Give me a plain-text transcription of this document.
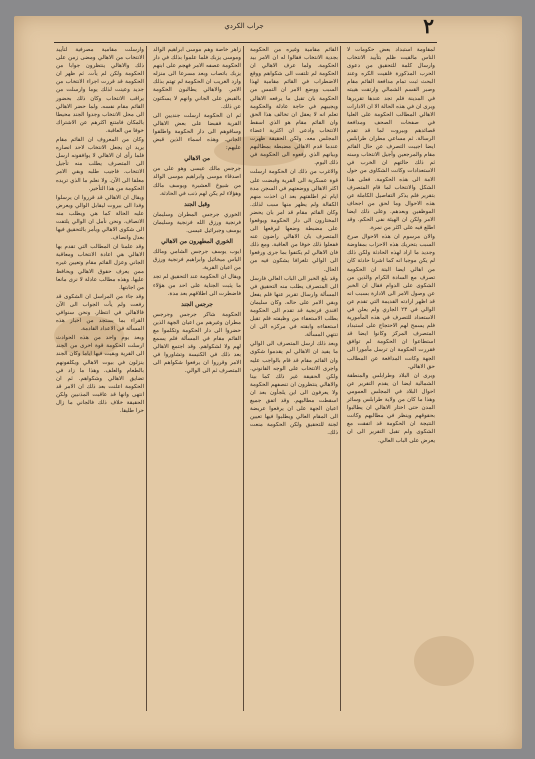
٢
جراب الكردي

لمقاومة استبداد بعض حكومات لا الناس مالقيت ظلم بتأييد الانتخاب وارسال كلمة للتحقيق من دعوى الحرب المذكورة فلقيت الكره وعند البحث ثبت تمام مدافعة القائم مقام وصبر القسم الشمالي وارتقت هيبته في المدينة فلم تجد عندها تقريرها ويرى ان في هذه الحالة الا ان الادارات الاهالي المطالب الحكومة على العليا في صفحات الصحف ومدافعة قصائدهم وبيروت لما قد تقدم الرسالة. ثم مساعي مطران طرابلس ايضا اجيبت التصرف عن حال القائم مقام والمرجعين وأجيل الانتخاب وسنه ثم ذلك حالتهم ان الخرب في الاستعدادات وكانت الشكاوى من حول الامة الى هذه الحكومة. فعلى هذا الشكل والانتخاب لما قام المتصرف بتقرير فلم يذكر التفاصيل الكاملة عن هذه الاحوال وما لحق من اجحاف الموظفين وبعدهم. وعلى ذلك ايضا الامر ولكن ان الهيئة نفى الحكم. وقد اطلع فيه على اكثر من نمرة.

والان مرسوم ان هذه الاحوال صرح السبب بتحريك هذه الاحزاب بمفاوضة وجديد ما اراد لهذه الحادثة ولكن ذلك لم يكن موجبا انه كما اشرنا حادثة كان من اهالي ايضا البتة ان الحكومة تصرف مع السادة الكرام والذين من الشكوى على الدوام فقال ان الخبر عن وصول الامر الى الادارة بسبب انه قد اظهر ارادته القديمة التي تقدم عن الوالي في ٢٣ الجاري ولم يعلن في الاستعداد للتصرف في هذه المأمورية فلم يسمح لهم الاحتجاج على استبداد المتصرف المركز وكانوا ايضا قد استطاعوا ان الحكومة لم توافق فقررت الحكومة ان ترسل مأمورا الى الجهة وكانت المدافعة عن المطالب حق الاهالي.

ويرى ان البلاد وطرابلس والمنطقة الشمالية ايضا ان يقدم التقرير عن احوال البلاد في المجلس العمومي وهذا ما كان من ولاية طرابلس وسائر المدن حتى اختار الاهالي ان يطالبوا بحقوقهم وينظر في مطالبهم وكانت النتيجة ان الحكومة قد اتفقت مع الشكوى ولم تقبل التقرير الى ان يعرض على الباب العالي.

القائم مقامية وغيره من الحكومة بجدية الانتخاب فقالوا له ان الامر بيد الحكومة. ولما عرف الاهالي ان الحكومة لم تلتفت الى شكواهم ووقع الاضطراب في القائم مقامية لهذا السبب ووضع الامر ان التمس من الحكومة بان تقبل ما يرفعه الاهالي ويجيبهم في حاجة عادلة والحكومة تعلم انه لا يعقل ان تخالف هذا الحق وان القائم مقام هو الذي اسقط الانتخاب وادعى ان اكثرية اعضاء المجلس معه. ولكن الحقيقة ظهرت عندما قدم الاهالي مضبطة بمطالبهم وبيانهم الذي رفعوه الى الحكومة في ذلك اليوم.

والاغرب من ذلك ان الحكومة ارسلت قوة عسكرية الى القرية وقبضت على اكثر الاهالي ووضعتهم في السجن مدة ايام ثم اطلقتهم بعد ان اخذت منهم الكفالة ولم يظهر منها سبب لذلك. وكان القائم مقام قد امر بان يحضر المختارون الى دار الحكومة ويوقعوا على مضبطة وضعها ليرفعها الى المتصرف بان الاهالي راضون عنه ففعلوا ذلك خوفا من العاقبة. ومع ذلك فان الاهالي لم يكتفوا بما جرى ورفعوا الى الوالي تلغرافا يشكون فيه من الحال.

وقد بلغ الخبر الى الباب العالي فارسل الى المتصرف يطلب منه التحقيق في المسألة وارسال تقرير عنها فلم يفعل وبقي الامر على حاله. وكان سليمان افندي فرنجية قد تقدم الى الحكومة بطلب الاستعفاء من وظيفته فلم تقبل استعفاءه وابقته في مركزه الى ان تنتهي المسألة.

وبعد ذلك ارسل المتصرف الى الوالي ما يفيد ان الاهالي لم يقدموا شكوى وان القائم مقام قد قام بالواجب عليه واجرى الانتخاب على الوجه القانوني. ولكن الحقيقة غير ذلك كما بينا والاهالي ينتظرون ان تنصفهم الحكومة ولا يعرفون الى اين يلجأون بعد ان اسقطت مطالبهم. وقد اتفق جميع اعيان الجهة على ان يرفعوا عريضة الى المقام العالي ويطلبوا فيها تعيين لجنة للتحقيق ولكن الحكومة منعت ذلك.

زاهر خاصة وهم موسى ابراهيم الوالد وموسى يزبك فلما علموا بذلك في دار الحكومة عصفه الامر فهجم على ابنهم يزبك باتصاب وبعد مسرعا الى منزله وارد الغريب ان الحكومة لم تهتم بذلك الامر. والاهالي يطالبون الحكومة بالقبض على الجاني وانهم لا يسكتون عن ذلك.

ثم ان الحكومة ارسلت جنديين الى القرية فقبضا على بعض الاهالي وساقوهم الى دار الحكومة واطلقوا الجاني. وهذه اسماء الذين قبض عليهم:

من الاهالي

جرجس مالك عيسى وهو على من اصدقاء موسى وابراهيم موسى الوالد من شيوخ العشيرة ويوسف مالك وهؤلاء لم يكن لهم ذنب في الحادثة.

وقبل الجند

الخوري جرجس المطران وسليمان فرنجية ورزق الله فرنجية وسليمان يوسف وجبرائيل عيسى.

الخوري المطهرون من الاهالي

ايوب يوسف جرجس الشامي ومالك الياس ميخائيل وابراهيم فرنجية ورزق من اعيان القرية.

ويقال ان الحكومة عند التحقيق لم تجد ما يثبت الجناية على احد من هؤلاء فاضطرت الى اطلاقهم بعد مدة.

جرجس الجند

الحكومة شاكر جرجس وجرجس مطران وغيرهم من اعيان الجهة الذين حضروا الى دار الحكومة وتكلموا مع القائم مقام في المسألة فلم يسمع لهم ولا لشكواهم. وقد اجتمع الاهالي بعد ذلك في الكنيسة وتشاوروا في الامر وقرروا ان يرفعوا شكواهم الى المتصرف ثم الى الوالي.

وارسلت مقامية مصرفية لتأييد الانتخاب من الاهالي ومضى زمن على ذلك والاهالي ينتظرون جوابا من الحكومة ولكن لم يأت. ثم ظهر ان الحكومة قد قررت اجراء الانتخاب من جديد وعينت لذلك يوما وارسلت من يراقب الانتخاب وكان ذلك بحضور القائم مقام نفسه. ولما حضر الاهالي الى محل الانتخاب وجدوا الجند محيطا بالمكان فامتنع اكثرهم عن الاشتراك خوفا من العاقبة.

وكان من المعروف ان القائم مقام يريد ان يجعل الانتخاب لاحد انصاره فلما رأى ان الاهالي لا يوافقونه ارسل الى المتصرف يطلب منه تأجيل الانتخاب. فاجيب طلبه وبقي الامر معلقا الى الآن. ولا نعلم ما الذي تريده الحكومة من هذا التأخير.

ويقال ان الاهالي قد قرروا ان يرسلوا وفدا الى بيروت ليقابل الوالي ويعرض عليه الحالة كما هي ويطلب منه الانصاف. ونحن نأمل ان الوالي يلتفت الى شكوى الاهالي ويأمر بالتحقيق فيها بعدل وانصاف.

وقد علمنا ان المطالب التي تقدم بها الاهالي هي اعادة الانتخاب ومعاقبة الجاني وعزل القائم مقام وتعيين غيره ممن يعرف حقوق الاهالي ويحافظ عليها. وهذه مطالب عادلة لا نرى مانعا من اجابتها.

وقد جاء من المراسل ان الشكوى قد رفعت ولم يأت الجواب الى الآن فالاهالي في انتظار. ونحن سنوافي القراء بما يستجد من اخبار هذه المسألة في الاعداد القادمة.

وبعد يوم واحد من هذه الحوادث ارسلت الحكومة قوة اخرى من الجند الى القرية وبقيت فيها اياما وكان الجند ينزلون في بيوت الاهالي ويكلفونهم بالطعام والعلف. وهذا ما زاد في تضايق الاهالي وشكواهم. ثم ان الحكومة اعلنت بعد ذلك ان الامر قد انتهى وانها قد عاقبت المذنبين ولكن الحقيقة خلاف ذلك فالجاني ما زال حرا طليقا.
